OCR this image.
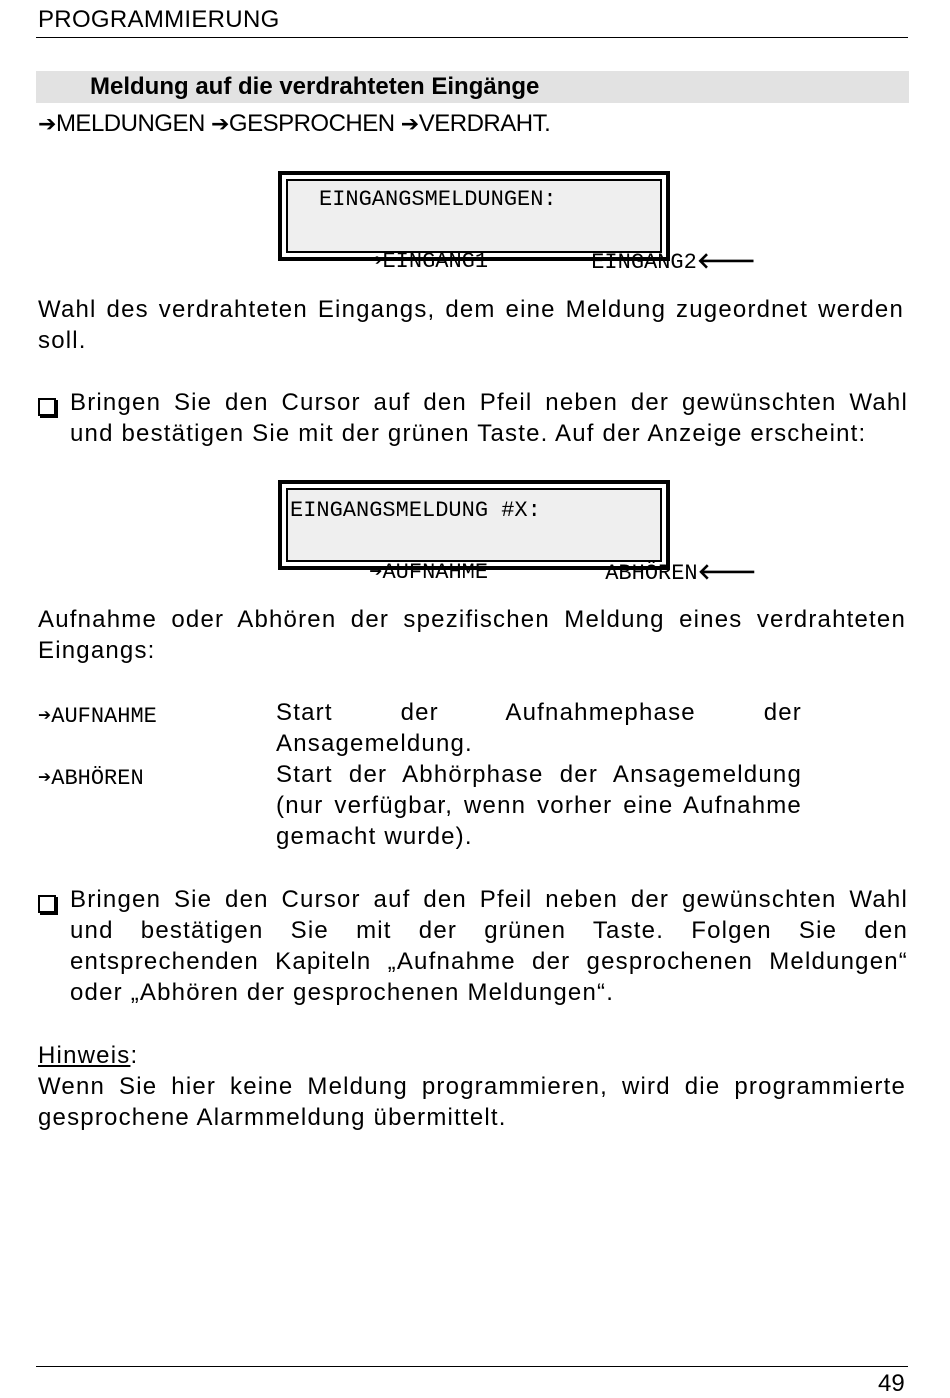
PROGRAMMIERUNG
Meldung auf die verdrahteten Eingänge
➔MELDUNGEN ➔GESPROCHEN ➔VERDRAHT.
EINGANGSMELDUNGEN:

➔EINGANG1
	EINGANG2🡐

Wahl des verdrahteten Eingangs, dem eine Meldung zugeordnet werden soll.
Bringen Sie den Cursor auf den Pfeil neben der gewünschten Wahl und bestätigen Sie mit der grünen Taste. Auf der Anzeige erscheint:
EINGANGSMELDUNG #X:

➔AUFNAHME
	ABHÖREN🡐

Aufnahme oder Abhören der spezifischen Meldung eines verdrahteten Eingangs:
➔AUFNAHME	Start der Aufnahmephase der Ansagemeldung.
➔ABHÖREN	Start der Abhörphase der Ansagemeldung (nur verfügbar, wenn vorher eine Aufnahme gemacht wurde).
Bringen Sie den Cursor auf den Pfeil neben der gewünschten Wahl und bestätigen Sie mit der grünen Taste. Folgen Sie den entsprechenden Kapiteln „Aufnahme der gesprochenen Meldungen“ oder „Abhören der gesprochenen Meldungen“.
Hinweis:
Wenn Sie hier keine Meldung programmieren, wird die programmierte gesprochene Alarmmeldung übermittelt.
49
